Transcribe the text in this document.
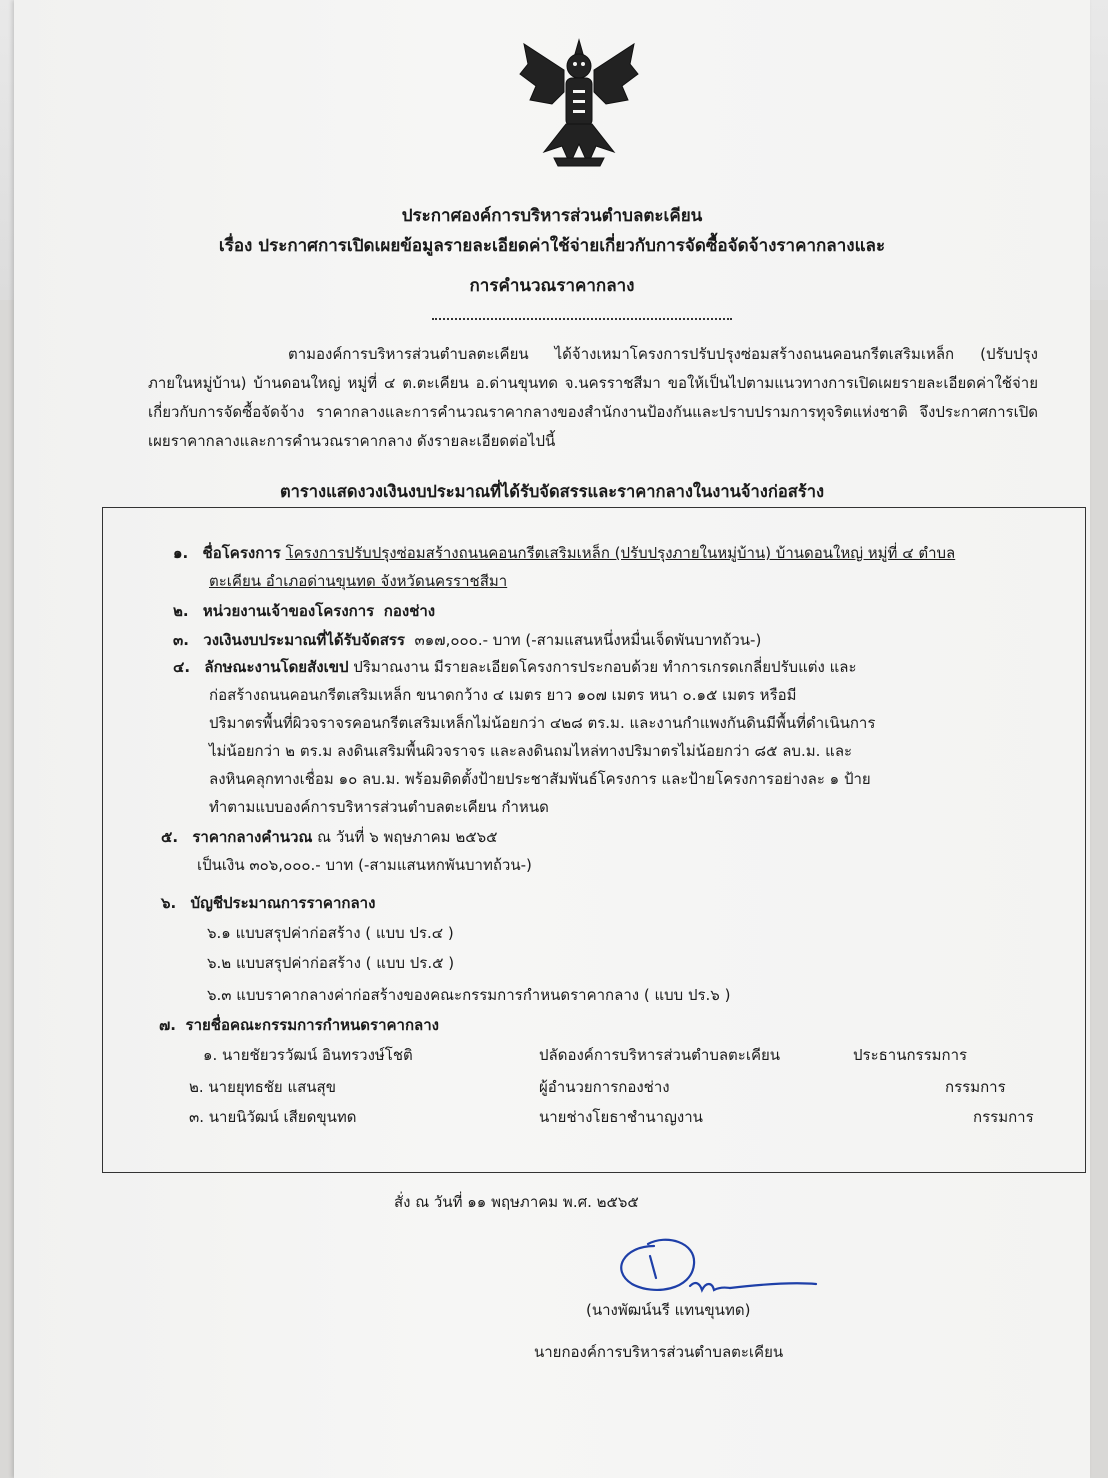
ประกาศองค์การบริหารส่วนตำบลตะเคียน
เรื่อง ประกาศการเปิดเผยข้อมูลรายละเอียดค่าใช้จ่ายเกี่ยวกับการจัดซื้อจัดจ้างราคากลางและ
การคำนวณราคากลาง

ตามองค์การบริหารส่วนตำบลตะเคียน ได้จ้างเหมาโครงการปรับปรุงซ่อมสร้างถนนคอนกรีตเสริมเหล็ก (ปรับปรุงภายในหมู่บ้าน) บ้านดอนใหญ่ หมู่ที่ ๔ ต.ตะเคียน อ.ด่านขุนทด จ.นครราชสีมา ขอให้เป็นไปตามแนวทางการเปิดเผยรายละเอียดค่าใช้จ่ายเกี่ยวกับการจัดซื้อจัดจ้าง ราคากลางและการคำนวณราคากลางของสำนักงานป้องกันและปราบปรามการทุจริตแห่งชาติ จึงประกาศการเปิดเผยราคากลางและการคำนวณราคากลาง ดังรายละเอียดต่อไปนี้

ตารางแสดงวงเงินงบประมาณที่ได้รับจัดสรรและราคากลางในงานจ้างก่อสร้าง
๑. ชื่อโครงการ โครงการปรับปรุงซ่อมสร้างถนนคอนกรีตเสริมเหล็ก (ปรับปรุงภายในหมู่บ้าน) บ้านดอนใหญ่ หมู่ที่ ๔ ตำบล
ตะเคียน อำเภอด่านขุนทด จังหวัดนครราชสีมา
๒. หน่วยงานเจ้าของโครงการ กองช่าง
๓. วงเงินงบประมาณที่ได้รับจัดสรร ๓๑๗,๐๐๐.- บาท (-สามแสนหนึ่งหมื่นเจ็ดพันบาทถ้วน-)
๔. ลักษณะงานโดยสังเขป ปริมาณงาน มีรายละเอียดโครงการประกอบด้วย ทำการเกรดเกลี่ยปรับแต่ง และ
ก่อสร้างถนนคอนกรีตเสริมเหล็ก ขนาดกว้าง ๔ เมตร ยาว ๑๐๗ เมตร หนา ๐.๑๕ เมตร หรือมี
ปริมาตรพื้นที่ผิวจราจรคอนกรีตเสริมเหล็กไม่น้อยกว่า ๔๒๘ ตร.ม. และงานกำแพงกันดินมีพื้นที่ดำเนินการ
ไม่น้อยกว่า ๒ ตร.ม ลงดินเสริมพื้นผิวจราจร และลงดินถมไหล่ทางปริมาตรไม่น้อยกว่า ๘๕ ลบ.ม. และ
ลงหินคลุกทางเชื่อม ๑๐ ลบ.ม. พร้อมติดตั้งป้ายประชาสัมพันธ์โครงการ และป้ายโครงการอย่างละ ๑ ป้าย
ทำตามแบบองค์การบริหารส่วนตำบลตะเคียน กำหนด
๕. ราคากลางคำนวณ ณ วันที่ ๖ พฤษภาคม ๒๕๖๕
เป็นเงิน ๓๐๖,๐๐๐.- บาท (-สามแสนหกพันบาทถ้วน-)
๖. บัญชีประมาณการราคากลาง
๖.๑ แบบสรุปค่าก่อสร้าง ( แบบ ปร.๔ )
๖.๒ แบบสรุปค่าก่อสร้าง ( แบบ ปร.๕ )
๖.๓ แบบราคากลางค่าก่อสร้างของคณะกรรมการกำหนดราคากลาง ( แบบ ปร.๖ )
๗. รายชื่อคณะกรรมการกำหนดราคากลาง
๑. นายชัยวรวัฒน์ อินทรวงษ์โชติ	ปลัดองค์การบริหารส่วนตำบลตะเคียน	ประธานกรรมการ
๒. นายยุทธชัย แสนสุข	ผู้อำนวยการกองช่าง	กรรมการ
๓. นายนิวัฒน์ เสียดขุนทด	นายช่างโยธาชำนาญงาน	กรรมการ
สั่ง ณ วันที่ ๑๑ พฤษภาคม พ.ศ. ๒๕๖๕
(นางพัฒน์นรี แทนขุนทด)
นายกองค์การบริหารส่วนตำบลตะเคียน
